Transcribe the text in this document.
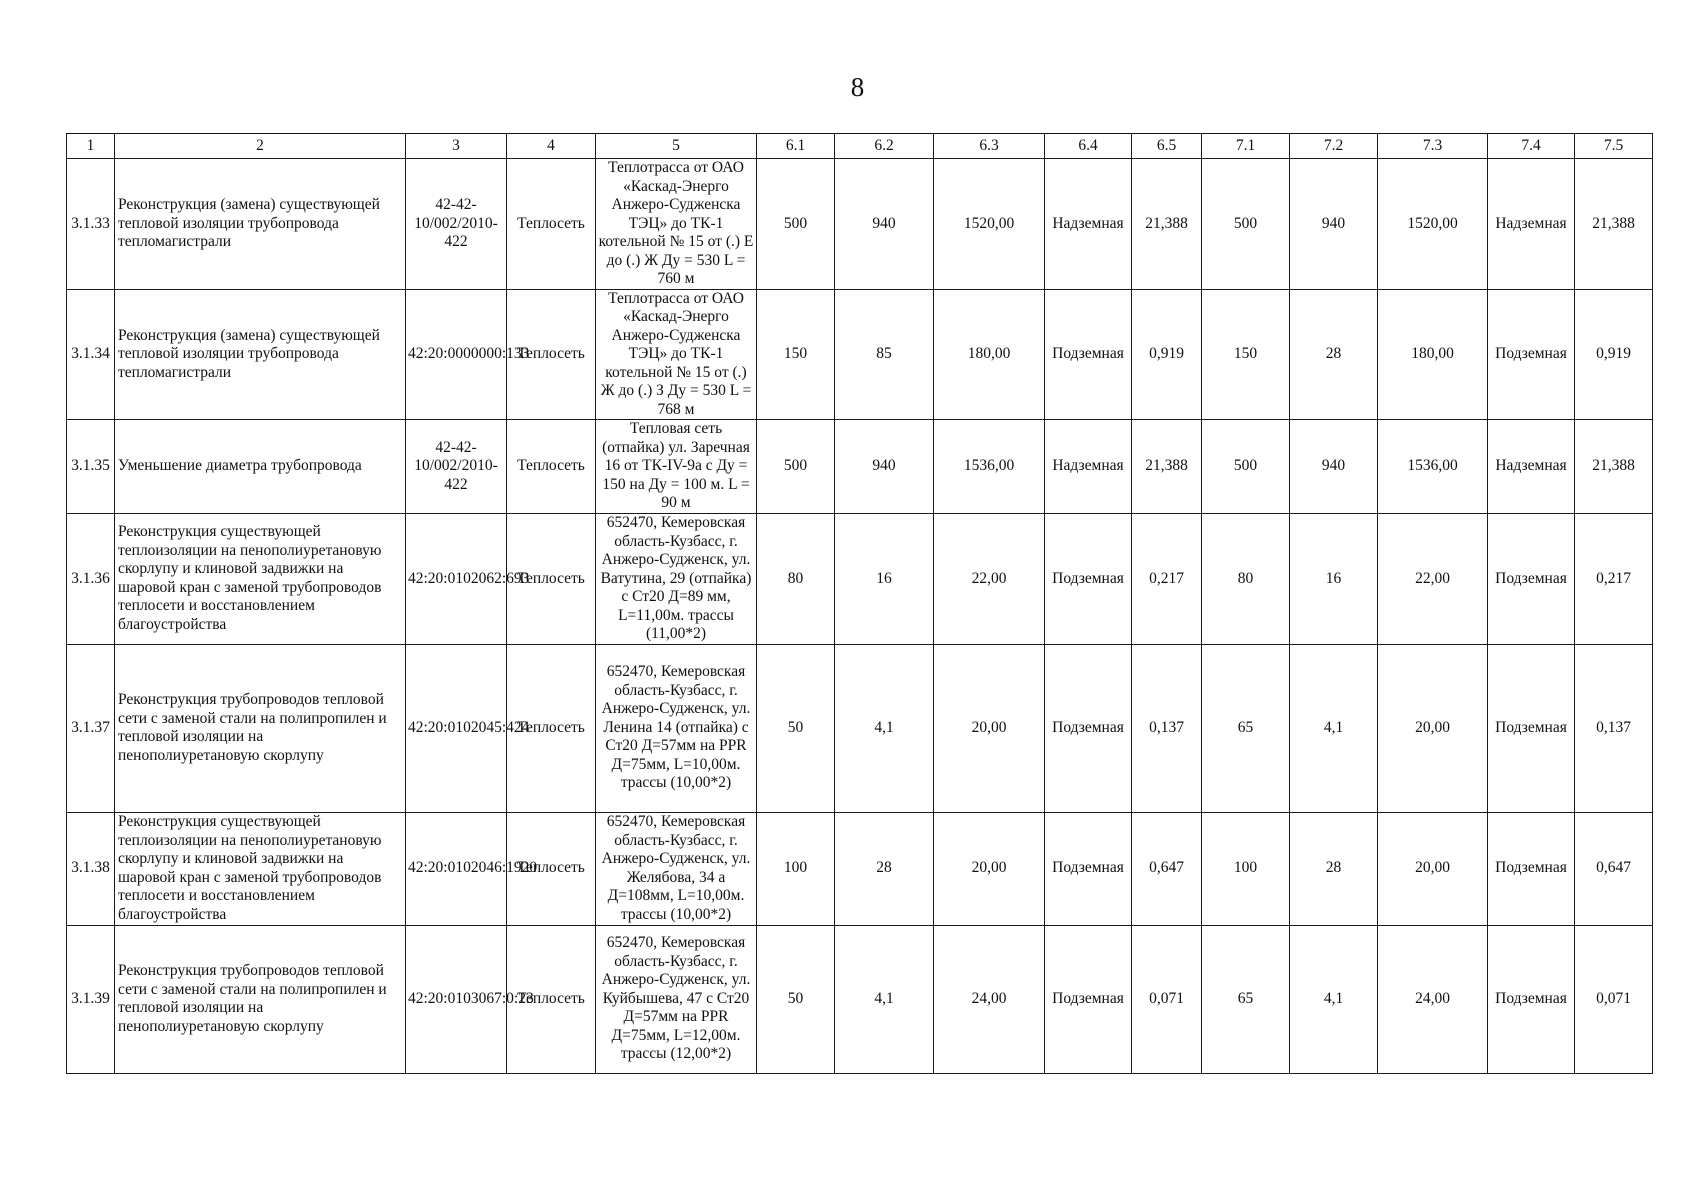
8
1	2	3	4	5	6.1	6.2	6.3	6.4	6.5	7.1	7.2	7.3	7.4	7.5
3.1.33	Реконструкция (замена) существующей тепловой изоляции трубопровода тепломагистрали	42-42-10/002/2010-422	Теплосеть	Теплотрасса от ОАО «Каскад-Энерго Анжеро-Судженска ТЭЦ» до ТК-1 котельной № 15 от (.) Е до (.) Ж Ду = 530 L = 760 м	500	940	1520,00	Надземная	21,388	500	940	1520,00	Надземная	21,388
3.1.34	Реконструкция (замена) существующей тепловой изоляции трубопровода тепломагистрали	42:20:0000000:133	Теплосеть	Теплотрасса от ОАО «Каскад-Энерго Анжеро-Судженска ТЭЦ» до ТК-1 котельной № 15 от (.) Ж до (.) З Ду = 530 L = 768 м	150	85	180,00	Подземная	0,919	150	28	180,00	Подземная	0,919
3.1.35	Уменьшение диаметра трубопровода	42-42-10/002/2010-422	Теплосеть	Тепловая сеть (отпайка) ул. Заречная 16 от ТК-IV-9а с Ду = 150 на Ду = 100 м. L = 90 м	500	940	1536,00	Надземная	21,388	500	940	1536,00	Надземная	21,388
3.1.36	Реконструкция существующей теплоизоляции на пенополиуретановую скорлупу и клиновой задвижки на шаровой кран с заменой трубопроводов теплосети и восстановлением благоустройства	42:20:0102062:693	Теплосеть	652470, Кемеровская область-Кузбасс, г. Анжеро-Судженск, ул. Ватутина, 29 (отпайка) с Ст20 Д=89 мм, L=11,00м. трассы (11,00*2)	80	16	22,00	Подземная	0,217	80	16	22,00	Подземная	0,217
3.1.37	Реконструкция трубопроводов тепловой сети с заменой стали на полипропилен и тепловой изоляции на пенополиуретановую скорлупу	42:20:0102045:424	Теплосеть	652470, Кемеровская область-Кузбасс, г. Анжеро-Судженск, ул. Ленина 14 (отпайка) с Ст20 Д=57мм на PPR Д=75мм, L=10,00м. трассы (10,00*2)	50	4,1	20,00	Подземная	0,137	65	4,1	20,00	Подземная	0,137
3.1.38	Реконструкция существующей теплоизоляции на пенополиуретановую скорлупу и клиновой задвижки на шаровой кран с заменой трубопроводов теплосети и восстановлением благоустройства	42:20:0102046:1920	Теплосеть	652470, Кемеровская область-Кузбасс, г. Анжеро-Судженск, ул. Желябова, 34 а Д=108мм, L=10,00м. трассы (10,00*2)	100	28	20,00	Подземная	0,647	100	28	20,00	Подземная	0,647
3.1.39	Реконструкция трубопроводов тепловой сети с заменой стали на полипропилен и тепловой изоляции на пенополиуретановую скорлупу	42:20:0103067:0:23	Теплосеть	652470, Кемеровская область-Кузбасс, г. Анжеро-Судженск, ул. Куйбышева, 47 с Ст20 Д=57мм на PPR Д=75мм, L=12,00м. трассы (12,00*2)	50	4,1	24,00	Подземная	0,071	65	4,1	24,00	Подземная	0,071
